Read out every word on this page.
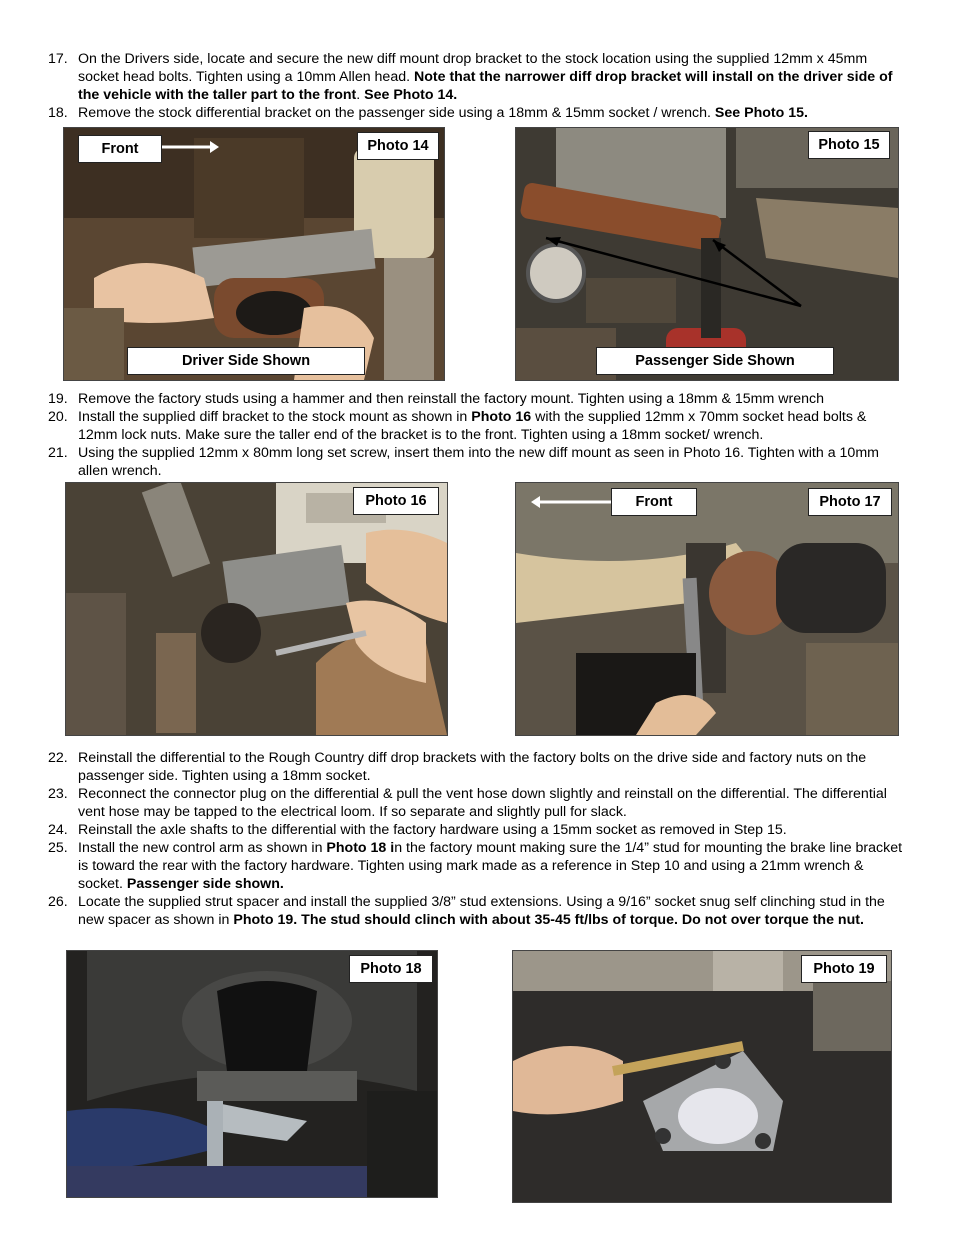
17. On the Drivers side, locate and secure the new diff mount drop bracket to the stock location using the supplied 12mm x 45mm socket head bolts. Tighten using a 10mm Allen head. Note that the narrower diff drop bracket will install on the driver side of the vehicle with the taller part to the front. See Photo 14.
18. Remove the stock differential bracket on the passenger side using a 18mm & 15mm socket / wrench. See Photo 15.
Front	Photo 14
Driver Side Shown
Photo 15
Passenger Side Shown
19. Remove the factory studs using a hammer and then reinstall the factory mount. Tighten using a 18mm & 15mm wrench
20. Install the supplied diff bracket to the stock mount as shown in Photo 16 with the supplied 12mm x 70mm socket head bolts & 12mm lock nuts. Make sure the taller end of the bracket is to the front. Tighten using a 18mm socket/ wrench.
21. Using the supplied 12mm x 80mm long set screw, insert them into the new diff mount as seen in Photo 16. Tighten with a 10mm allen wrench.
Photo 16	Front	Photo 17
22. Reinstall the differential to the Rough Country diff drop brackets with the factory bolts on the drive side and factory nuts on the passenger side. Tighten using a 18mm socket.
23. Reconnect the connector plug on the differential & pull the vent hose down slightly and reinstall on the differential. The differential vent hose may be tapped to the electrical loom. If so separate and slightly pull for slack.
24. Reinstall the axle shafts to the differential with the factory hardware using a 15mm socket as removed in Step 15.
25. Install the new control arm as shown in Photo 18 in the factory mount making sure the 1/4” stud for mounting the brake line bracket is toward the rear with the factory hardware. Tighten using mark made as a reference in Step 10 and using a 21mm wrench & socket. Passenger side shown.
26. Locate the supplied strut spacer and install the supplied 3/8” stud extensions. Using a 9/16” socket snug self clinching stud in the new spacer as shown in Photo 19. The stud should clinch with about 35-45 ft/lbs of torque. Do not over torque the nut.
Photo 18	Photo 19
